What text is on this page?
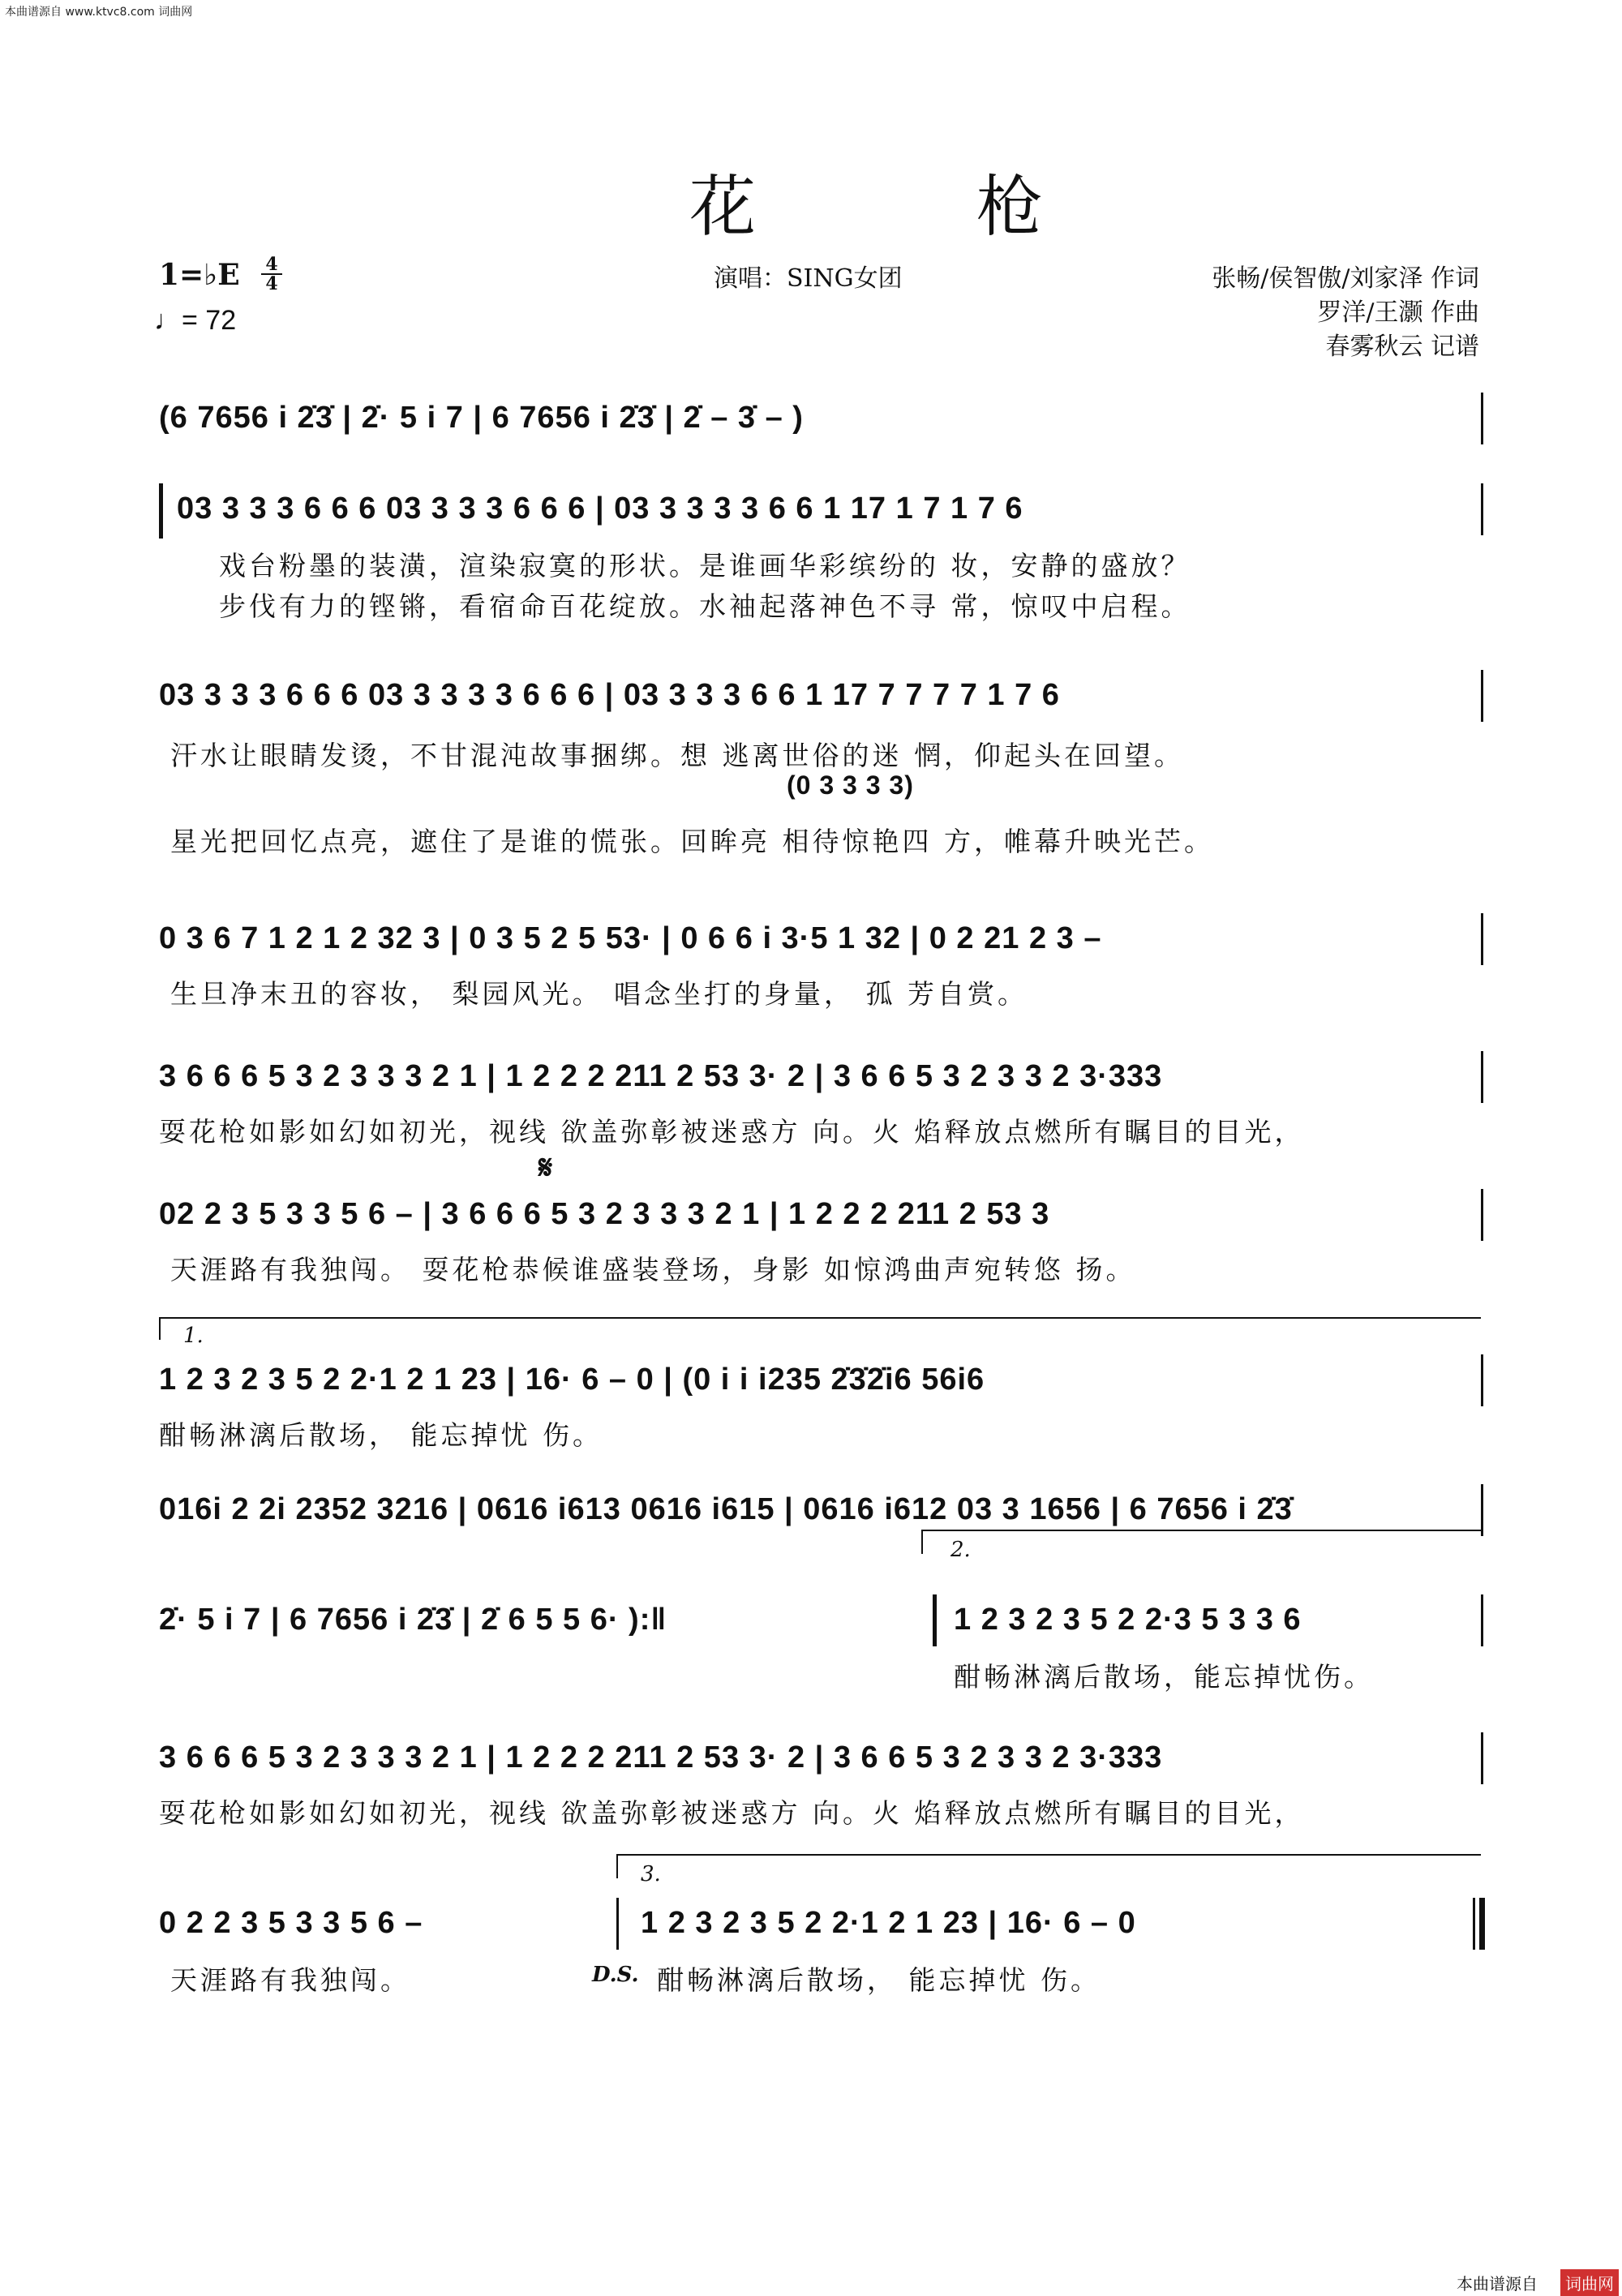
本曲谱源自 www.ktvc8.com 词曲网
花　枪
1=♭E 4
4
♩= 72
演唱：SING女团	张畅/侯智傲/刘家泽 作词
罗洋/王灏 作曲
春雾秋云 记谱
(6 7656 i 2̇3̇ | 2̇· 5 i 7 | 6 7656 i 2̇3̇ | 2̇ – 3̇ – )
03 3 3 3 6 6 6 03 3 3 3 6 6 6 | 03 3 3 3 3 6 6 1 17 1 7 1 7 6
戏台粉墨的装潢，渲染寂寞的形状。是谁画华彩缤纷的 妆，安静的盛放？
步伐有力的铿锵，看宿命百花绽放。水袖起落神色不寻 常，惊叹中启程。
03 3 3 3 6 6 6 03 3 3 3 3 6 6 6 | 03 3 3 3 6 6 1 17 7 7 7 7 1 7 6
汗水让眼睛发烫，不甘混沌故事捆绑。想 逃离世俗的迷 惘，仰起头在回望。
(0 3 3 3 3)
星光把回忆点亮，遮住了是谁的慌张。回眸亮 相待惊艳四 方，帷幕升映光芒。
0 3 6 7 1 2 1 2 32 3 | 0 3 5 2 5 53· | 0 6 6 i 3·5 1 32 | 0 2 21 2 3 –
生旦净末丑的容妆， 梨园风光。 唱念坐打的身量， 孤 芳自赏。
3 6 6 6 5 3 2 3 3 3 2 1 | 1 2 2 2 211 2 53 3· 2 | 3 6 6 5 3 2 3 3 2 3·333
耍花枪如影如幻如初光，视线 欲盖弥彰被迷惑方 向。火 焰释放点燃所有瞩目的目光，
𝄋
02 2 3 5 3 3 5 6 – | 3 6 6 6 5 3 2 3 3 3 2 1 | 1 2 2 2 211 2 53 3
天涯路有我独闯。 耍花枪恭候谁盛装登场，身影 如惊鸿曲声宛转悠 扬。
1.
1 2 3 2 3 5 2 2·1 2 1 23 | 16· 6 – 0 | (0 i i i235 2̇3̇2̇i6 56i6
酣畅淋漓后散场， 能忘掉忧 伤。
016i 2 2i 2352 3216 | 0616 i613 0616 i615 | 0616 i612 03 3 1656 | 6 7656 i 2̇3̇
2.
2̇· 5 i 7 | 6 7656 i 2̇3̇ | 2̇ 6 5 5 6· ):‖	1 2 3 2 3 5 2 2·3 5 3 3 6
酣畅淋漓后散场，能忘掉忧伤。
3 6 6 6 5 3 2 3 3 3 2 1 | 1 2 2 2 211 2 53 3· 2 | 3 6 6 5 3 2 3 3 2 3·333
耍花枪如影如幻如初光，视线 欲盖弥彰被迷惑方 向。火 焰释放点燃所有瞩目的目光，
3.
0 2 2 3 5 3 3 5 6 –	1 2 3 2 3 5 2 2·1 2 1 23 | 16· 6 – 0
天涯路有我独闯。	D.S. 酣畅淋漓后散场， 能忘掉忧 伤。
本曲谱源自	词曲网
